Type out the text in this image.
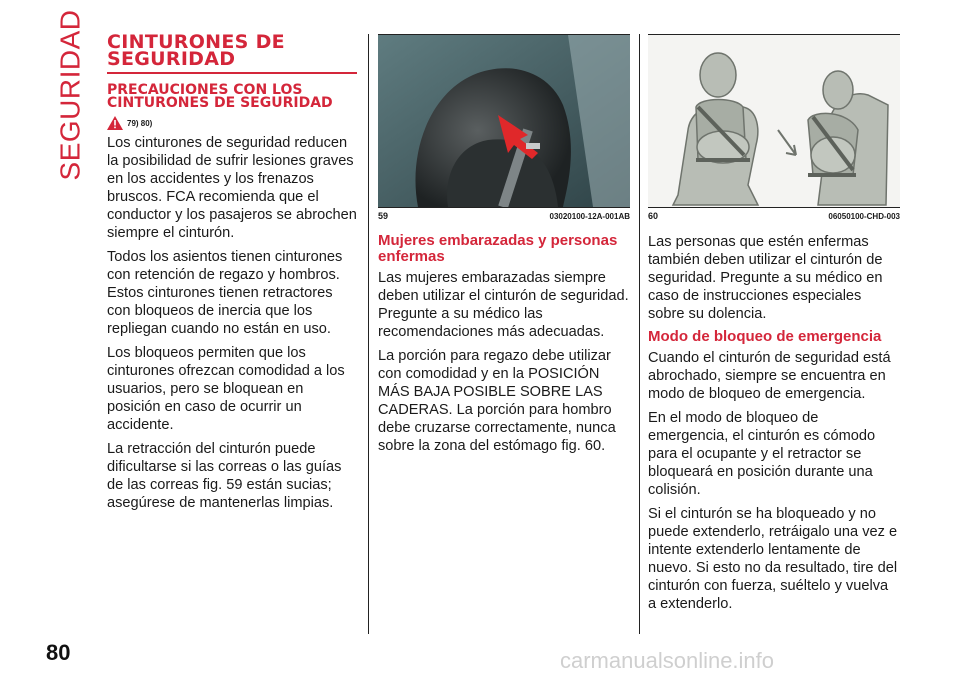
SEGURIDAD CINTURONES DE SEGURIDAD
PRECAUCIONES CON LOS CINTURONES DE SEGURIDAD
79) 80)

Los cinturones de seguridad reducen la posibilidad de sufrir lesiones graves en los accidentes y los frenazos bruscos. FCA recomienda que el conductor y los pasajeros se abrochen siempre el cinturón.

Todos los asientos tienen cinturones con retención de regazo y hombros. Estos cinturones tienen retractores con bloqueos de inercia que los repliegan cuando no están en uso.

Los bloqueos permiten que los cinturones ofrezcan comodidad a los usuarios, pero se bloquean en posición en caso de ocurrir un accidente.

La retracción del cinturón puede dificultarse si las correas o las guías de las correas fig. 59 están sucias; asegúrese de mantenerlas limpias.

59	03020100-12A-001AB
Mujeres embarazadas y personas enfermas

Las mujeres embarazadas siempre deben utilizar el cinturón de seguridad. Pregunte a su médico las recomendaciones más adecuadas.

La porción para regazo debe utilizar con comodidad y en la POSICIÓN MÁS BAJA POSIBLE SOBRE LAS CADERAS. La porción para hombro debe cruzarse correctamente, nunca sobre la zona del estómago fig. 60.

60	06050100-CHD-003

Las personas que estén enfermas también deben utilizar el cinturón de seguridad. Pregunte a su médico en caso de instrucciones especiales sobre su dolencia.

Modo de bloqueo de emergencia

Cuando el cinturón de seguridad está abrochado, siempre se encuentra en modo de bloqueo de emergencia.

En el modo de bloqueo de emergencia, el cinturón es cómodo para el ocupante y el retractor se bloqueará en posición durante una colisión.

Si el cinturón se ha bloqueado y no puede extenderlo, retráigalo una vez e intente extenderlo lentamente de nuevo. Si esto no da resultado, tire del cinturón con fuerza, suéltelo y vuelva a extenderlo.

80	carmanualsonline.info
